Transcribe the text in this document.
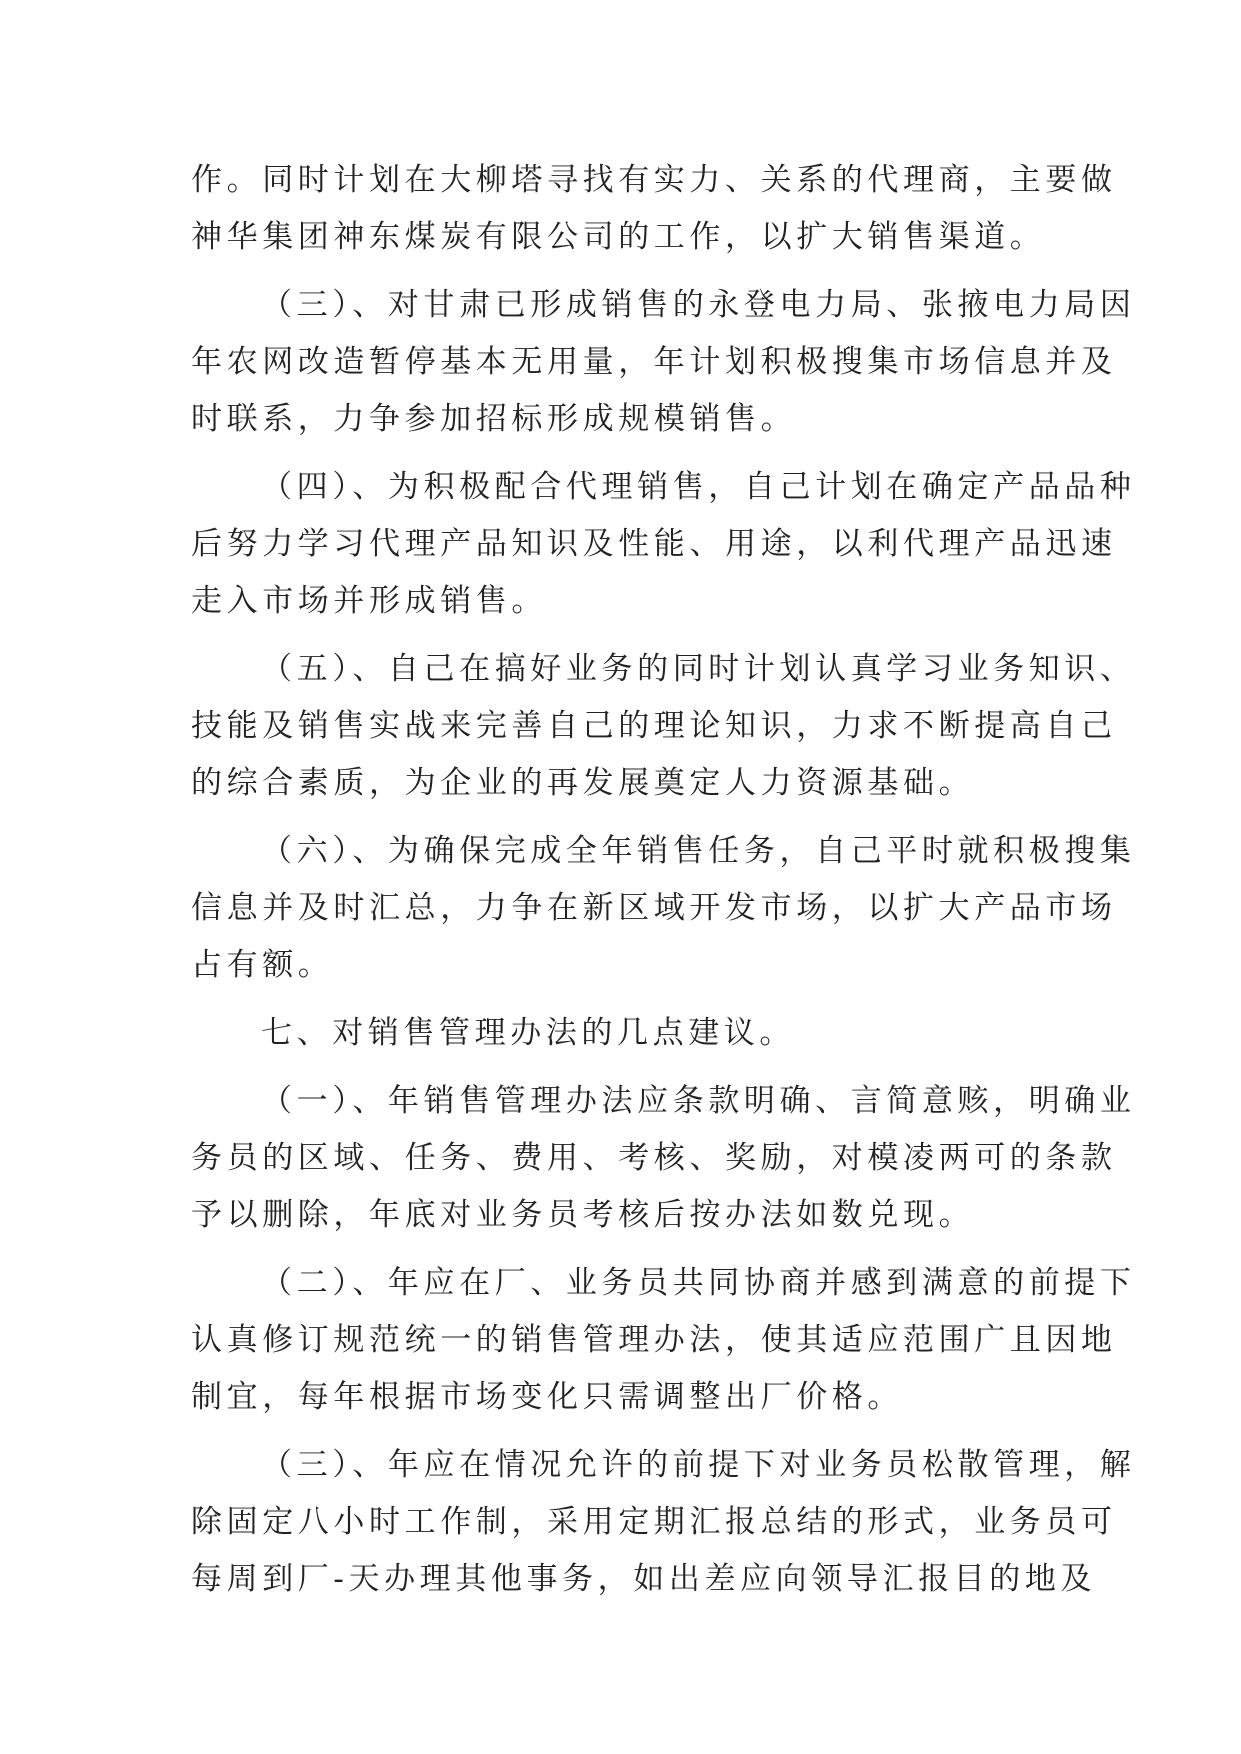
作。同时计划在大柳塔寻找有实力、关系的代理商，主要做
神华集团神东煤炭有限公司的工作，以扩大销售渠道。
（三）、对甘肃已形成销售的永登电力局、张掖电力局因
年农网改造暂停基本无用量，年计划积极搜集市场信息并及
时联系，力争参加招标形成规模销售。
（四）、为积极配合代理销售，自己计划在确定产品品种
后努力学习代理产品知识及性能、用途，以利代理产品迅速
走入市场并形成销售。
（五）、自己在搞好业务的同时计划认真学习业务知识、
技能及销售实战来完善自己的理论知识，力求不断提高自己
的综合素质，为企业的再发展奠定人力资源基础。
（六）、为确保完成全年销售任务，自己平时就积极搜集
信息并及时汇总，力争在新区域开发市场，以扩大产品市场
占有额。
七、对销售管理办法的几点建议。
（一）、年销售管理办法应条款明确、言简意赅，明确业
务员的区域、任务、费用、考核、奖励，对模凌两可的条款
予以删除，年底对业务员考核后按办法如数兑现。
（二）、年应在厂、业务员共同协商并感到满意的前提下
认真修订规范统一的销售管理办法，使其适应范围广且因地
制宜，每年根据市场变化只需调整出厂价格。
（三）、年应在情况允许的前提下对业务员松散管理，解
除固定八小时工作制，采用定期汇报总结的形式，业务员可
每周到厂-天办理其他事务，如出差应向领导汇报目的地及
